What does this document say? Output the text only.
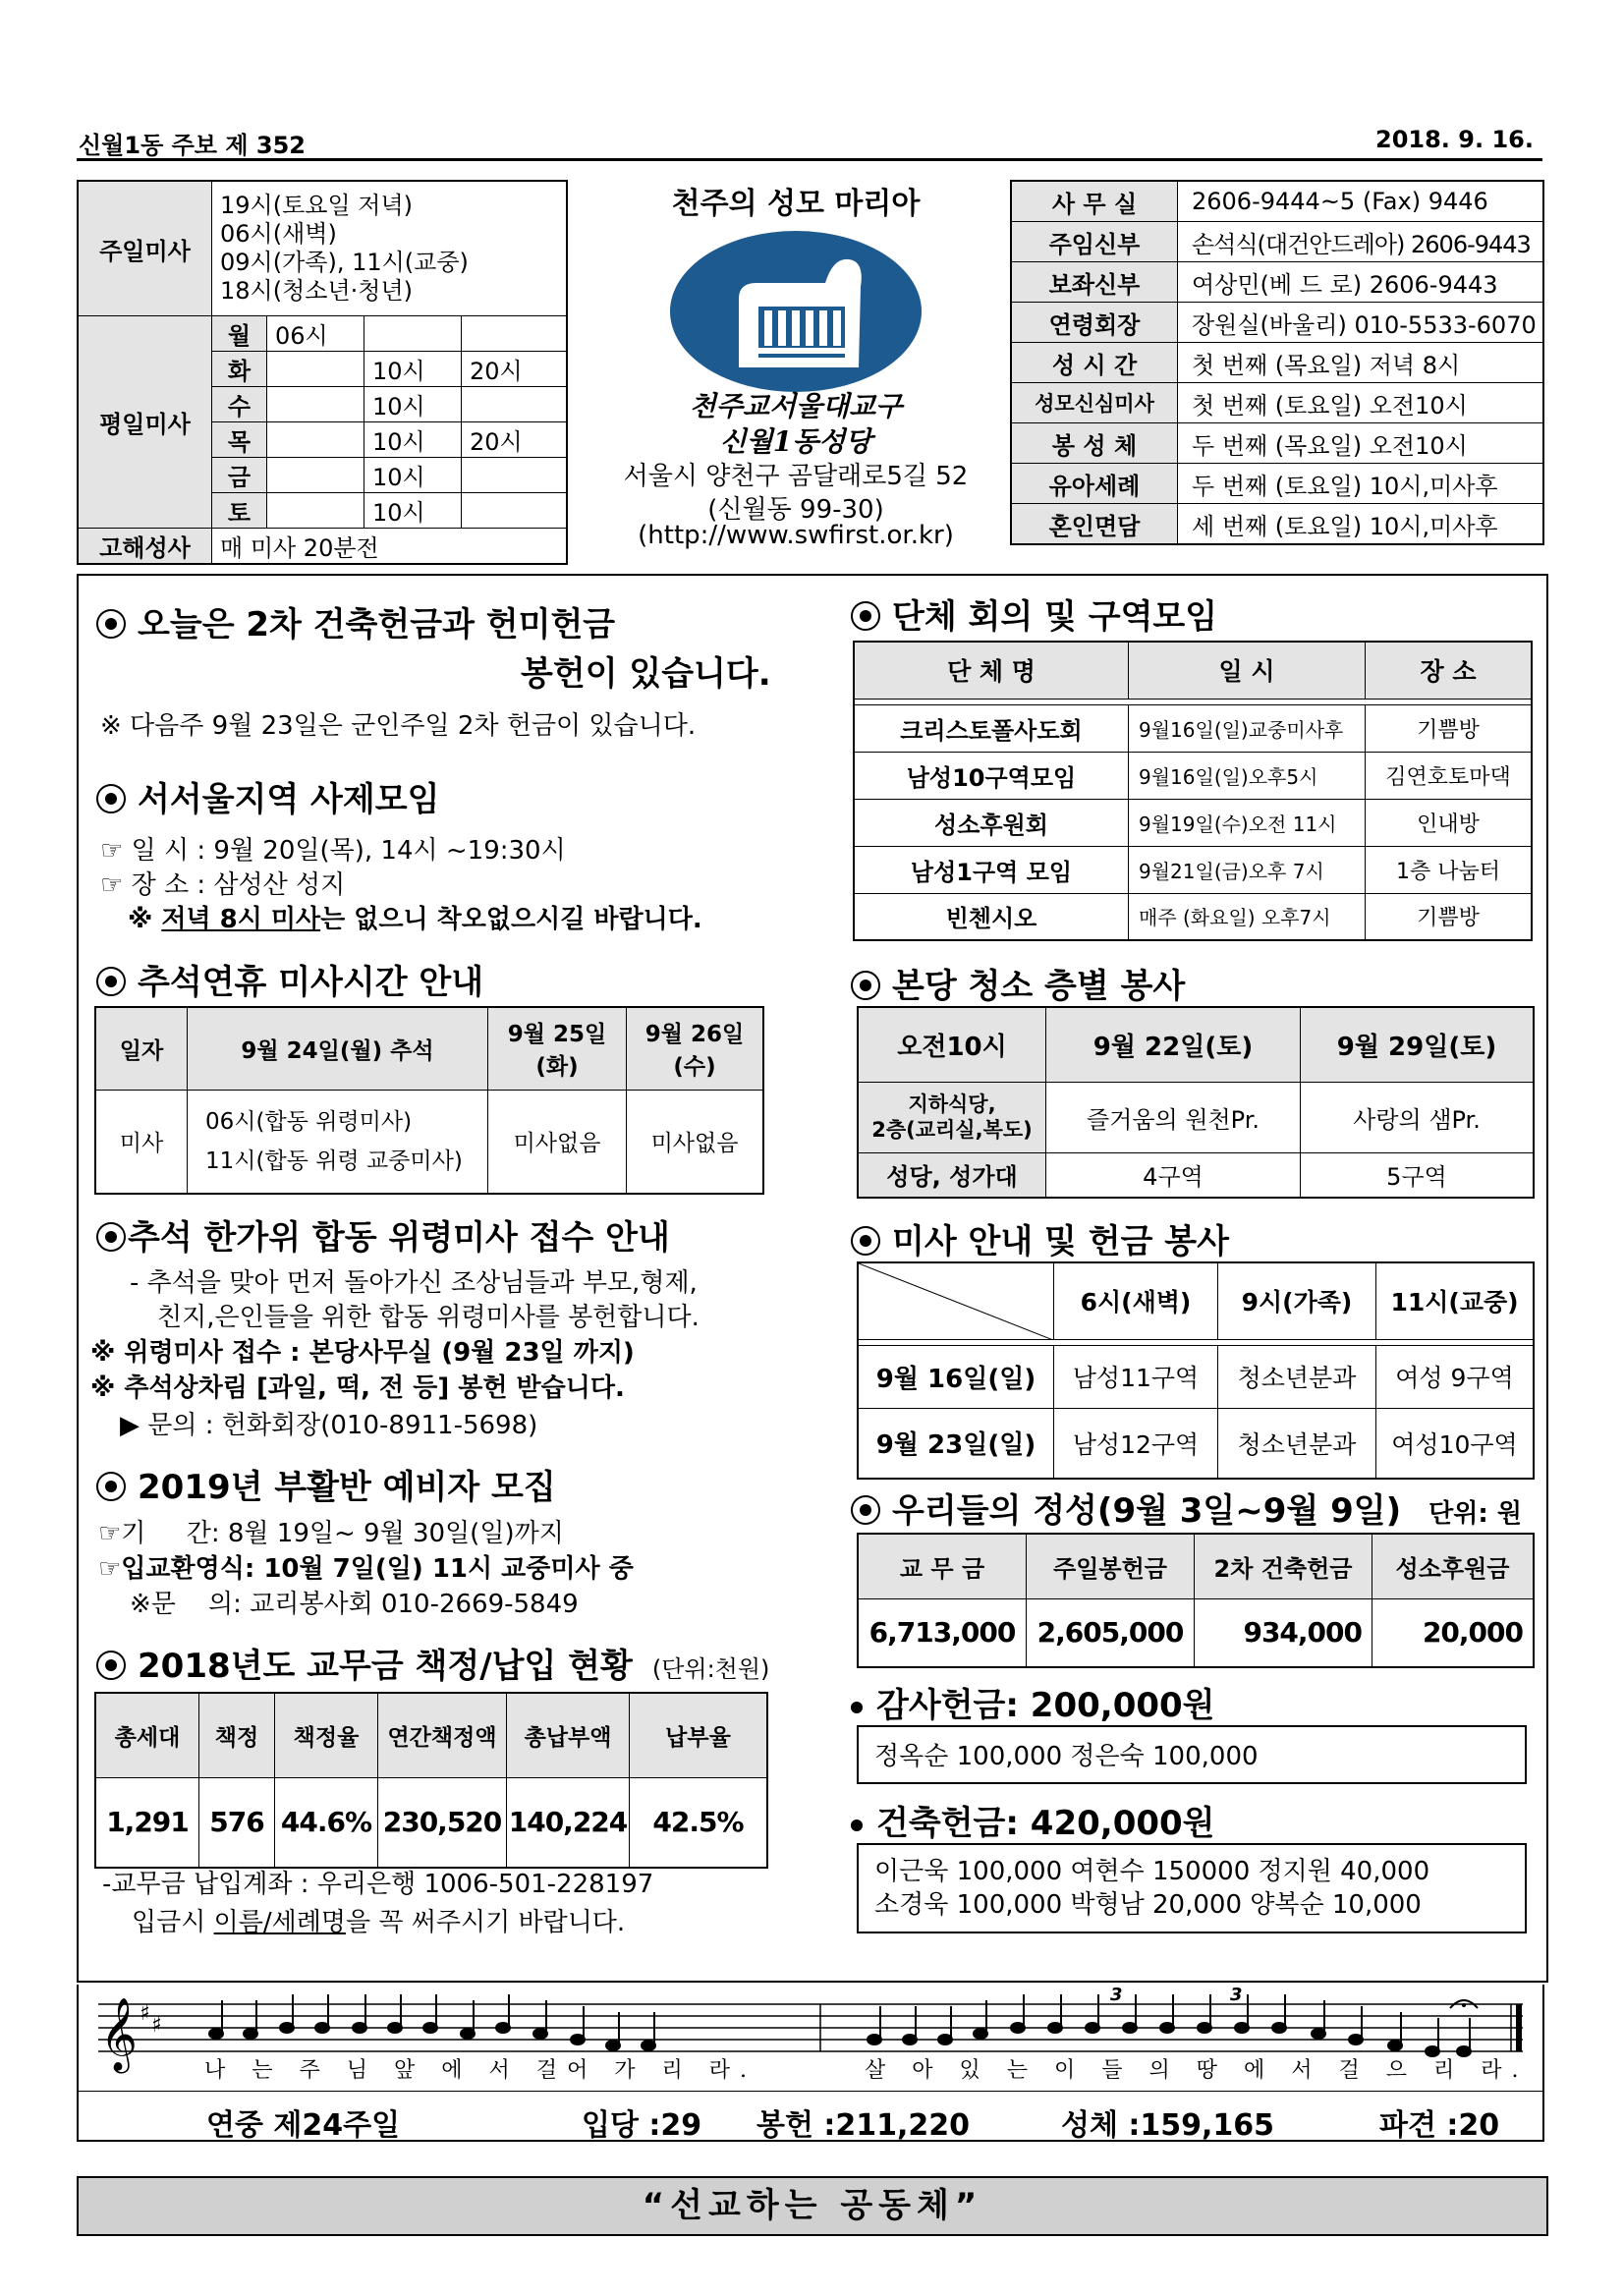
신월1동 주보 제 352	2018. 9. 16.
주일미사	19시(토요일 저녁)
06시(새벽)
09시(가족), 11시(교중)
18시(청소년·청년)			

평일미사	월	06시		
	화		10시	20시
	수		10시	
	목		10시	20시
	금		10시	
	토		10시	
고해성사	매 미사 20분전			
천주의 성모 마리아
천주교서울대교구
신월1동성당
서울시 양천구 곰달래로5길 52
(신월동 99-30)
(http://www.swfirst.or.kr)
사 무 실	2606-9444~5 (Fax) 9446
주임신부	손석식(대건안드레아) 2606-9443
보좌신부	여상민(베 드 로) 2606-9443
연령회장	장원실(바울리) 010-5533-6070
성 시 간	첫 번째 (목요일) 저녁 8시
성모신심미사	첫 번째 (토요일) 오전10시
봉 성 체	두 번째 (목요일) 오전10시
유아세례	두 번째 (토요일) 10시,미사후
혼인면담	세 번째 (토요일) 10시,미사후
오늘은 2차 건축헌금과 헌미헌금
봉헌이 있습니다.
※ 다음주 9월 23일은 군인주일 2차 헌금이 있습니다.
서서울지역 사제모임
☞ 일 시 : 9월 20일(목), 14시 ~19:30시
☞ 장 소 : 삼성산 성지
※ 저녁 8시 미사는 없으니 착오없으시길 바랍니다.
추석연휴 미사시간 안내
일자	9월 24일(월) 추석	9월 25일(화)	9월 26일(수)
미사	06시(합동 위령미사)
11시(합동 위령 교중미사)	미사없음	미사없음
추석 한가위 합동 위령미사 접수 안내
- 추석을 맞아 먼저 돌아가신 조상님들과 부모,형제,
친지,은인들을 위한 합동 위령미사를 봉헌합니다.
※ 위령미사 접수 : 본당사무실 (9월 23일 까지)
※ 추석상차림 [과일, 떡, 전 등] 봉헌 받습니다.
▶ 문의 : 헌화회장(010-8911-5698)
2019년 부활반 예비자 모집
☞기     간: 8월 19일~ 9월 30일(일)까지
☞입교환영식: 10월 7일(일) 11시 교중미사 중
※문    의: 교리봉사회 010-2669-5849
2018년도 교무금 책정/납입 현황 (단위:천원)
총세대	책정	책정율	연간책정액	총납부액	납부율
1,291	576	44.6%	230,520	140,224	42.5%
-교무금 납입계좌 : 우리은행 1006-501-228197
입금시 이름/세례명을 꼭 써주시기 바랍니다.
단체 회의 및 구역모임
단 체 명	일 시	장 소

크리스토폴사도회	9월16일(일)교중미사후	기쁨방
남성10구역모임	9월16일(일)오후5시	김연호토마댁
성소후원회	9월19일(수)오전 11시	인내방
남성1구역 모임	9월21일(금)오후 7시	1층 나눔터
빈첸시오	매주 (화요일) 오후7시	기쁨방
본당 청소 층별 봉사
오전10시	9월 22일(토)	9월 29일(토)

지하식당,
2층(교리실,복도)	즐거움의 원천Pr.	사랑의 샘Pr.
성당, 성가대	4구역	5구역
미사 안내 및 헌금 봉사
	6시(새벽)	9시(가족)	11시(교중)

9월 16일(일)	남성11구역	청소년분과	여성 9구역
9월 23일(일)	남성12구역	청소년분과	여성10구역
우리들의 정성(9월 3일~9월 9일) 단위: 원
교 무 금	주일봉헌금	2차 건축헌금	성소후원금
6,713,000	2,605,000	934,000	20,000
감사헌금: 200,000원
정옥순 100,000 정은숙 100,000
건축헌금: 420,000원
이근욱 100,000 여현수 150000 정지원 40,000
소경욱 100,000 박형남 20,000 양복순 10,000
𝄞 ♯ ♯
3	3
나 는 주 님 앞 에 서 걸어 가 리 라.	살 아 있 는 이 들 의 땅 에 서 걸 으 리 라.
연중 제24주일	입당 :29 봉헌 :211,220	성체 :159,165	파견 :20
“선교하는 공동체”
